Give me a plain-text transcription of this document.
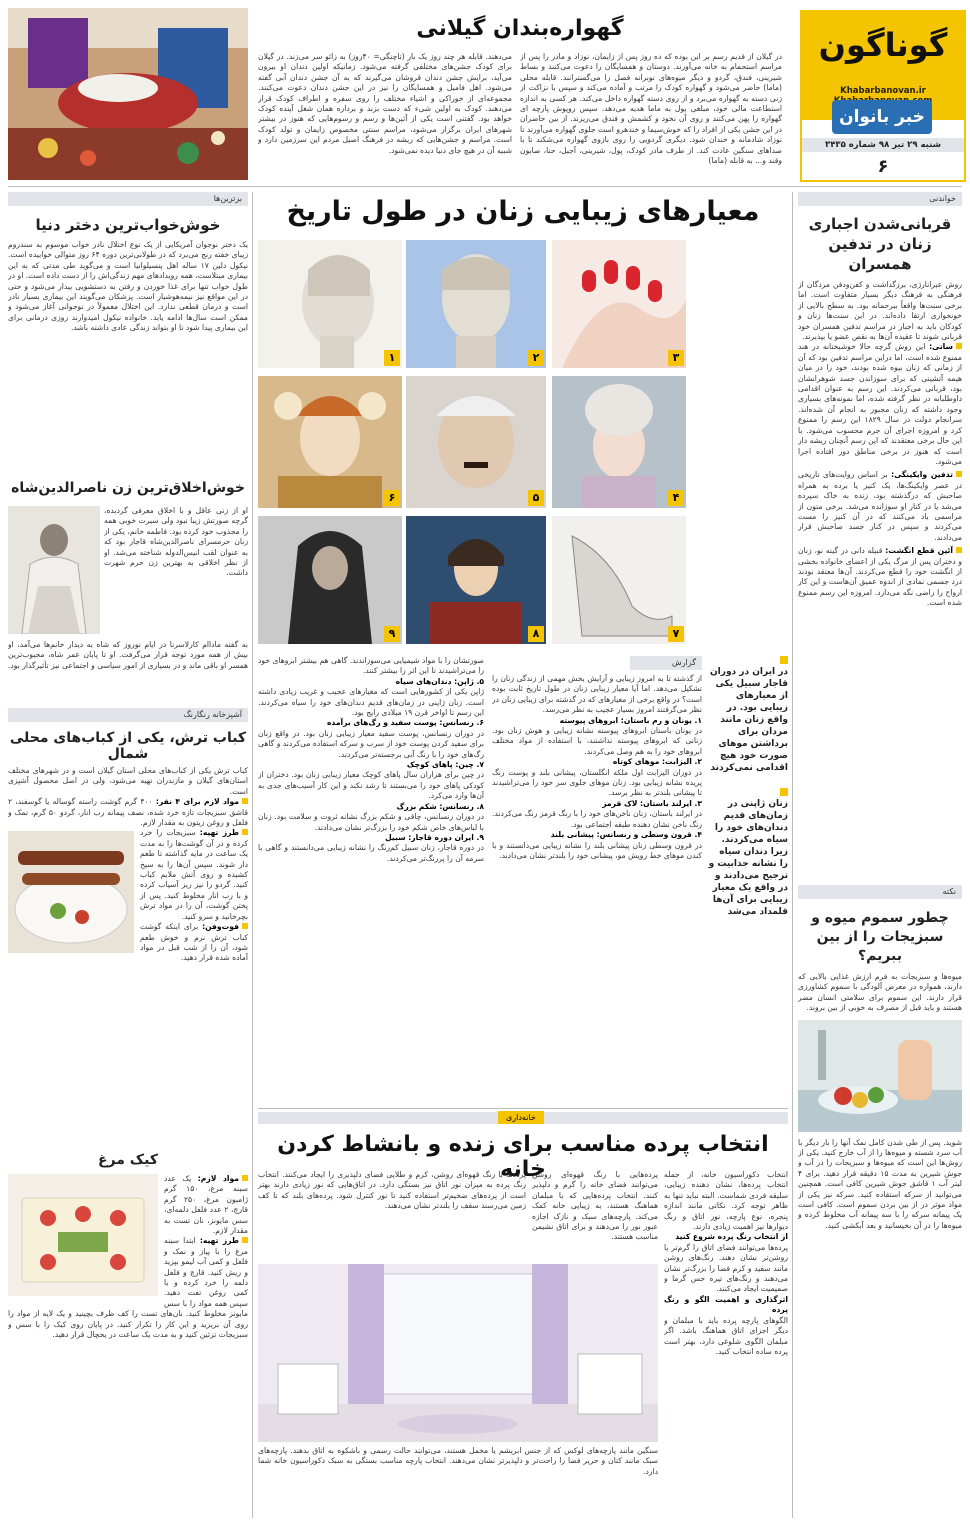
گوناگون
Khabarbanovan.ir
خبر بانوان
شنبه ۲۹ تیر ۹۸ شماره ۳۴۳۵
۶
گهواره‌بندان گیلانی
در گیلان از قدیم رسم بر این بوده که ده روز پس از زایمان، نوزاد و مادر را پس از مراسم استحمام به خانه می‌آورند. دوستان و همسایگان را دعوت می‌کنند و بساط شیرینی، فندق، گردو و دیگر میوه‌های نوبرانه فصل را می‌گسترانند. قابله محلی (ماما) حاضر می‌شود و گهواره کودک را مرتب و آماده می‌کند و سپس با نزاکت از زنی دسته به گهواره می‌برد و از روی دسته گهواره داخل می‌کند. هر کسی به اندازه استطاعت مالی خود، مبلغی پول به ماما هدیه می‌دهد. سپس روپوش پارچه ای گهواره را پهن می‌کنند و روی آن نخود و کشمش و فندق می‌ریزند. از بین حاضران در این جشن یکی از افراد را که خوش‌سیما و خندهرو است جلوی گهواره می‌آورند تا نوزاد شادمانه و خندان شود. دیگری گردویی را روی بازوی گهواره می‌شکند تا با صداهای سنگین عادت کند. از طرف مادر کودک، پول، شیرینی، آجیل، حنا، صابون وقند و... به قابله (ماما)
می‌دهند. قابله هر چند روز یک بار (تاچنگی= ۴۰روز) به زائو سر می‌زند. در گیلان برای کودک جشن‌های مختلفی گرفته می‌شود. زمانیکه اولین دندان او بیرون می‌آید، برایش جشن دندان قروشان می‌گیرند که به آن جشن دندان آبی گفته می‌شود. اهل فامیل و همسایگان را نیز در این جشن دندان دعوت می‌کنند. مجموعه‌ای از خوراکی و اشیاء مختلف را روی سفره و اطراف کودک قرار می‌دهند. کودک به اولین شیء که دست بزند و برداره همان شغل آینده کودک خواهد بود. گفتنی است یکی از آئین‌ها و رسم و رسوم‌هایی که هنوز در بیشتر شهرهای ایران برگزار می‌شود، مراسم سنتی مخصوص زایمان و تولد کودک است. مراسم و جشن‌هایی که ریشه در فرهنگ اصیل مردم این سرزمین دارد و شبیه آن در هیچ جای دنیا دیده نمی‌شود.
خواندنی
قربانی‌شدن اجباری زنان در تدفین همسران
روش عبرانارژی، برزگداشت و کفن‌ودفن مردگان از فرهنگی به فرهنگ دیگر بسیار متفاوت است. اما برخی سنت‌ها واقعاً بیرحمانه بود. به سطح بالایی از خونخواری ارتقا داده‌اند. در این سنت‌ها زنان و کودکان باید به اجبار در مراسم تدفین همسران خود قربانی شوند تا عقیده آن‌ها به نقص عضو یا بپذیرند.
ساتی: این روش گرچه حالا خوشبختانه در هند ممنوع شده است، اما دراین مراسم تدفین بود که آن از زمانی که زنان بیوه شده بودند، خود را در میان هیمه آتشینی که برای سوزاندن جسد شوهرانشان بود، قربانی می‌کردند. این رسم به عنوان اقدامی داوطلبانه در نظر گرفته شده، اما نمونه‌های بسیاری وجود داشته که زنان مجبور به انجام آن شده‌اند. سرانجام دولت در سال ۱۸۲۹ این رسم را ممنوع کرد و امروزه اجرای آن جرم محسوب می‌شود. با این حال برخی معتقدند که این رسم آنچنان ریشه دار است که هنوز در برخی مناطق دور افتاده اجرا می‌شود.
تدفین وایکینگی: بر اساس روایت‌های تاریخی در عصر وایکینگ‌ها، یک کنیز یا برده به همراه صاحبش که درگذشته بود، زنده به خاک سپرده می‌شد یا در کنار او سوزانده می‌شد. برخی متون از مراسمی یاد می‌کنند که در آن کنیز را مست می‌کردند و سپس در کنار جسد صاحبش قرار می‌دادند.
آئین قطع انگشت: قبیله دانی در گینه نو، زنان و دختران پس از مرگ یکی از اعضای خانواده بخشی از انگشت خود را قطع می‌کردند. آن‌ها معتقد بودند درد جسمی نمادی از اندوه عمیق آن‌هاست و این کار ارواح را راضی نگه می‌دارد. امروزه این رسم ممنوع شده است.
نکته
چطور سموم میوه و سبزیجات را از بین ببریم؟
میوه‌ها و سبزیجات به فرم ارزش غذایی بالایی که دارند، همواره در معرض آلودگی با سموم کشاورزی قرار دارند. این سموم برای سلامتی انسان مضر هستند و باید قبل از مصرف به خوبی از بین بروند.
شوید. پس از طی شدن کامل نمک آنها را بار دیگر با آب سرد شسته و میوه‌ها را از آب خارج کنید. یکی از روش‌ها این است که میوه‌ها و سبزیجات را در آب و جوش شیرین به مدت ۱۵ دقیقه قرار دهید. برای ۴ لیتر آب ۱ قاشق جوش شیرین کافی است. همچنین می‌توانید از سرکه استفاده کنید. سرکه نیز یکی از مواد موثر در از بین بردن سموم است. کافی است یک پیمانه سرکه را با سه پیمانه آب مخلوط کرده و میوه‌ها را در آن بخیسانید و بعد آبکشی کنید.
معیارهای زیبایی زنان در طول تاریخ
۱	۲	۳
۶	۵	۴
۹	۸	۷
در ایران در دوران قاجار سبیل یکی از معیارهای زیبایی بود. در واقع زنان مانند مردان برای برداشتن موهای صورت خود هیچ اقدامی نمی‌کردند
زنان ژاپنی در زمان‌های قدیم دندان‌های خود را سیاه می‌کردند. زیرا دندان سیاه را نشانه جذابیت و ترجیح می‌دادند و در واقع یک معیار زیبایی برای آن‌ها قلمداد می‌شد
گزارش
از گذشته تا به امروز زیبایی و آرایش بخش مهمی از زندگی زنان را تشکیل می‌دهد. اما آیا معیار زیبایی زنان در طول تاریخ ثابت بوده است؟ در واقع برخی از معیارهای که در گذشته برای زیبایی زنان در نظر می‌گرفتند امروز بسیار عجیب به نظر می‌رسد.
۱. یونان و رم باستان: ابروهای پیوسته
در یونان باستان ابروهای پیوسته نشانه زیبایی و هوش زنان بود. زنانی که ابروهای پیوسته نداشتند، با استفاده از مواد مختلف ابروهای خود را به هم وصل می‌کردند.
۲. الیزابت: موهای کوتاه
در دوران الیزابت اول ملکه انگلستان، پیشانی بلند و پوست رنگ پریده نشانه زیبایی بود. زنان موهای جلوی سر خود را می‌تراشیدند تا پیشانی بلندتر به نظر برسد.
۳. ایرلند باستان: لاک قرمز
در ایرلند باستان، زنان ناخن‌های خود را با رنگ قرمز رنگ می‌کردند. رنگ ناخن نشان دهنده طبقه اجتماعی بود.
۴. قرون وسطی و رنسانس: پیشانی بلند
در قرون وسطی زنان پیشانی بلند را نشانه زیبایی می‌دانستند و با کندن موهای خط رویش مو، پیشانی خود را بلندتر نشان می‌دادند.
صورتشان را با مواد شیمیایی می‌سوزاندند. گاهی هم بیشتر ابروهای خود را می‌تراشیدند تا این اثر را بیشتر کنند.
۵. ژاپن: دندان‌های سیاه
ژاپن یکی از کشورهایی است که معیارهای عجیب و غریب زیادی داشته است. زنان ژاپنی در زمان‌های قدیم دندان‌های خود را سیاه می‌کردند. این رسم تا اواخر قرن ۱۹ میلادی رایج بود.
۶. رنسانس: پوست سفید و رگ‌های برآمده
در دوران رنسانس، پوست سفید معیار زیبایی زنان بود. در واقع زنان برای سفید کردن پوست خود از سرب و سرکه استفاده می‌کردند و گاهی رگ‌های خود را با رنگ آبی برجسته‌تر می‌کردند.
۷. چین: پاهای کوچک
در چین برای هزاران سال پاهای کوچک معیار زیبایی زنان بود. دختران از کودکی پاهای خود را می‌بستند تا رشد نکند و این کار آسیب‌های جدی به آن‌ها وارد می‌کرد.
۸. رنسانس: شکم بزرگ
در دوران رنسانس، چاقی و شکم بزرگ نشانه ثروت و سلامت بود. زنان با لباس‌های خاص شکم خود را بزرگ‌تر نشان می‌دادند.
۹. ایران دوره قاجار: سبیل
در دوره قاجار، زنان سبیل کم‌رنگ را نشانه زیبایی می‌دانستند و گاهی با سرمه آن را پررنگ‌تر می‌کردند.
خانه‌داری
انتخاب پرده مناسب برای زنده و بانشاط کردن خانه	انتخاب دکوراسیون خانه، از جمله انتخاب پرده‌ها، نشان دهنده زیبایی، سلیقه فردی شماست. البته نباید تنها به ظاهر توجه کرد. نکاتی مانند اندازه پنجره، نوع پارچه، نور اتاق و رنگ دیوارها نیز اهمیت زیادی دارند.
از انتخاب رنگ پرده شروع کنید
پرده‌ها می‌توانند فضای اتاق را گرم‌تر یا روشن‌تر نشان دهند. رنگ‌های روشن مانند سفید و کرم فضا را بزرگ‌تر نشان می‌دهند و رنگ‌های تیره حس گرما و صمیمیت ایجاد می‌کنند.
اثرگذاری و اهمیت الگو و رنگ پرده
الگوهای پارچه پرده باید با مبلمان و دیگر اجزای اتاق هماهنگ باشد. اگر مبلمان الگوی شلوغی دارد، بهتر است پرده ساده انتخاب کنید.
پرده‌هایی با رنگ قهوه‌ای روشن می‌توانند فضای خانه را گرم و دلپذیر کنند. انتخاب پرده‌هایی که با مبلمان هماهنگ هستند، به زیبایی خانه کمک می‌کند. پارچه‌های سبک و نازک اجازه عبور نور را می‌دهند و برای اتاق نشیمن مناسب هستند.
پرده‌ها با رنگ قهوه‌ای روشن، کرم و طلایی فضای دلپذیری را ایجاد می‌کنند. انتخاب رنگ پرده به میزان نور اتاق نیز بستگی دارد. در اتاق‌هایی که نور زیادی دارند بهتر است از پرده‌های ضخیم‌تر استفاده کنید تا نور کنترل شود. پرده‌های بلند که تا کف زمین می‌رسند سقف را بلندتر نشان می‌دهند.
سنگین مانند پارچه‌های لوکس که از جنس ابریشم یا مخمل هستند، می‌توانند حالت رسمی و باشکوه به اتاق بدهند. پارچه‌های سبک مانند کتان و حریر فضا را راحت‌تر و دلپذیرتر نشان می‌دهند. انتخاب پارچه مناسب بستگی به سبک دکوراسیون خانه شما دارد.
برترین‌ها
خوش‌خواب‌ترین دختر دنیا
یک دختر نوجوان آمریکایی از یک نوع اختلال نادر خواب موسوم به سندروم زیبای خفته رنج می‌برد که در طولانی‌ترین دوره ۶۴ روز متوالی خوابیده است. نیکول دلین ۱۷ ساله اهل پنسیلوانیا است و می‌گوید طی مدتی که به این بیماری مبتلاست، همه رویدادهای مهم زندگی‌اش را از دست داده است. او در طول خواب تنها برای غذا خوردن و رفتن به دستشویی بیدار می‌شود و حتی در این مواقع نیز نیمه‌هوشیار است. پزشکان می‌گویند این بیماری بسیار نادر است و درمان قطعی ندارد. این اختلال معمولاً در نوجوانی آغاز می‌شود و ممکن است سال‌ها ادامه یابد. خانواده نیکول امیدوارند روزی درمانی برای این بیماری پیدا شود تا او بتواند زندگی عادی داشته باشد.
خوش‌اخلاق‌ترین زن ناصرالدین‌شاه
او از زنی عاقل و با اخلاق معرفی گردیده، گرچه صورتش زیبا نبود ولی سیرت خوبی همه را مجذوب خود کرده بود. فاطمه خانم، یکی از زنان حرمسرای ناصرالدین‌شاه قاجار بود که به عنوان لقب انیس‌الدوله شناخته می‌شد. او از نظر اخلاقی به بهترین زن حرم شهرت داشت.
به گفته ماداام کارلاسرنا در ایام نوروز که شاه به دیدار خانم‌ها می‌آمد، او بیش از همه مورد توجه قرار می‌گرفت. او تا پایان عمر شاه، محبوب‌ترین همسر او باقی ماند و در بسیاری از امور سیاسی و اجتماعی نیز تأثیرگذار بود.
آشپزخانه رنگارنگ
کباب ترش، یکی از کباب‌های محلی شمال
کباب ترش یکی از کباب‌های محلی استان گیلان است و در شهرهای مختلف استان‌های گیلان و مازندران تهیه می‌شود، ولی در اصل محصول آشپزی است.
مواد لازم برای ۴ نفر: ۴۰۰ گرم گوشت راسته گوساله یا گوسفند، ۲ قاشق سبزیجات تازه خرد شده، نصف پیمانه رب انار، گردو ۵۰ گرم، نمک و فلفل و روغن زیتون به مقدار لازم.
طرز تهیه: سبزیجات را خرد کرده و در آن گوشت‌ها را به مدت یک ساعت در مایه گذاشته تا طعم دار شوند. سپس آن‌ها را به سیخ کشیده و روی آتش ملایم کباب کنید. گردو را نیز ریز آسیاب کرده و با رب انار مخلوط کنید. پس از پختن گوشت، آن را در مواد ترش بچرخانید و سرو کنید.
فوت‌وفن: برای اینکه گوشت کباب ترش نرم و خوش طعم شود، آن را از شب قبل در مواد آماده شده قرار دهید.
کیک مرغ
مواد لازم: یک عدد سینه مرغ، ۱۵۰ گرم ژامبون مرغ، ۲۵۰ گرم قارچ، ۲ عدد فلفل دلمه‌ای، سس مایونز، نان تست به مقدار لازم.
طرز تهیه: ابتدا سینه مرغ را با پیاز و نمک و فلفل و کمی آب لیمو بپزید و ریش کنید. قارچ و فلفل دلمه را خرد کرده و با کمی روغن تفت دهید. سپس همه مواد را با سس مایونز مخلوط کنید. نان‌های تست را کف ظرف بچینید و یک لایه از مواد را روی آن بریزید و این کار را تکرار کنید. در پایان روی کیک را با سس و سبزیجات تزئین کنید و به مدت یک ساعت در یخچال قرار دهید.
